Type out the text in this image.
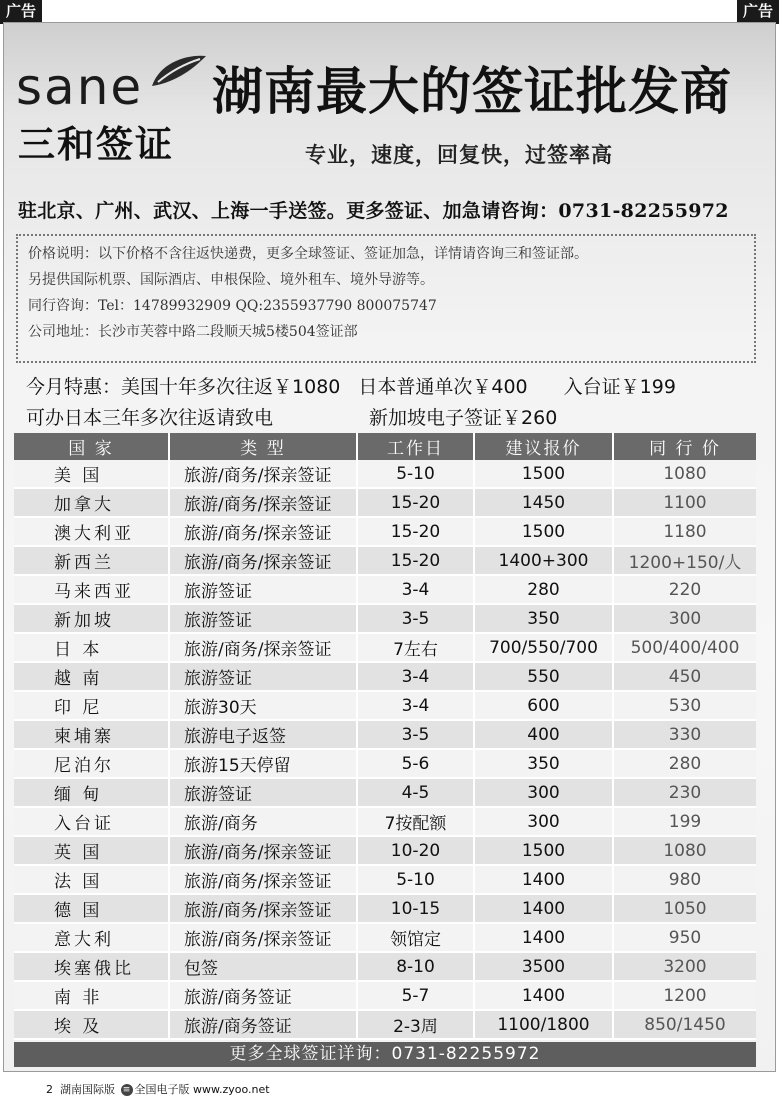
广告	广告
sane
三和签证
湖南最大的签证批发商
专业，速度，回复快，过签率高
驻北京、广州、武汉、上海一手送签。更多签证、加急请咨询：0731-82255972
价格说明：以下价格不含往返快递费，更多全球签证、签证加急，详情请咨询三和签证部。
另提供国际机票、国际酒店、申根保险、境外租车、境外导游等。
同行咨询：Tel：14789932909 QQ:2355937790 800075747
公司地址：长沙市芙蓉中路二段顺天城5楼504签证部
今月特惠：美国十年多次往返￥1080 日本普通单次￥400 入台证￥199
可办日本三年多次往返请致电	新加坡电子签证￥260
国 家	类 型	工作日	建议报价	同 行 价
美 国	旅游/商务/探亲签证	5-10	1500	1080
加拿大	旅游/商务/探亲签证	15-20	1450	1100
澳大利亚	旅游/商务/探亲签证	15-20	1500	1180
新西兰	旅游/商务/探亲签证	15-20	1400+300	1200+150/人
马来西亚	旅游签证	3-4	280	220
新加坡	旅游签证	3-5	350	300
日 本	旅游/商务/探亲签证	7左右	700/550/700	500/400/400
越 南	旅游签证	3-4	550	450
印 尼	旅游30天	3-4	600	530
柬埔寨	旅游电子返签	3-5	400	330
尼泊尔	旅游15天停留	5-6	350	280
缅 甸	旅游签证	4-5	300	230
入台证	旅游/商务	7按配额	300	199
英 国	旅游/商务/探亲签证	10-20	1500	1080
法 国	旅游/商务/探亲签证	5-10	1400	980
德 国	旅游/商务/探亲签证	10-15	1400	1050
意大利	旅游/商务/探亲签证	领馆定	1400	950
埃塞俄比	包签	8-10	3500	3200
南 非	旅游/商务签证	5-7	1400	1200
埃 及	旅游/商务签证	2-3周	1100/1800	850/1450
更多全球签证详询：0731-82255972
2 湖南国际版 ≡ 全国电子版 www.zyoo.net
